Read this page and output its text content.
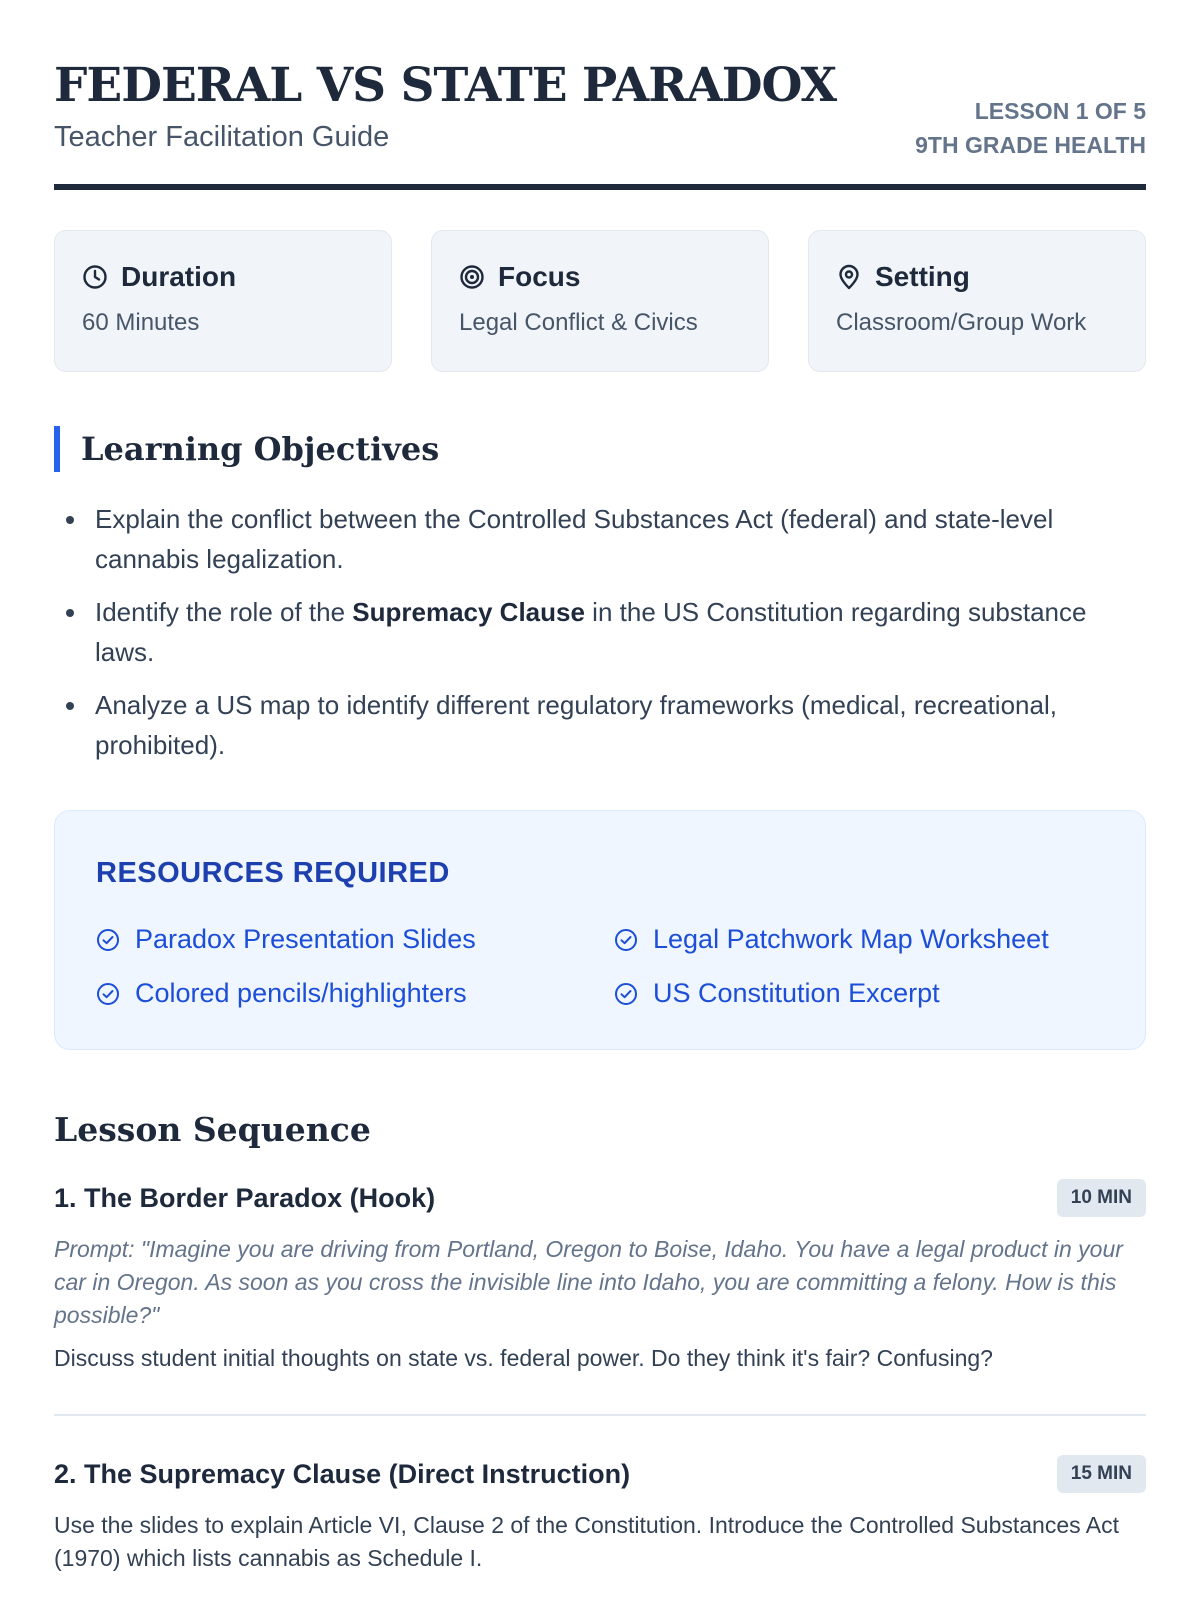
FEDERAL VS STATE PARADOX
Teacher Facilitation Guide
LESSON 1 OF 5
9TH GRADE HEALTH
Duration
60 Minutes
Focus
Legal Conflict & Civics
Setting
Classroom/Group Work
Learning Objectives
Explain the conflict between the Controlled Substances Act (federal) and state-level cannabis legalization.
Identify the role of the Supremacy Clause in the US Constitution regarding substance laws.
Analyze a US map to identify different regulatory frameworks (medical, recreational, prohibited).
RESOURCES REQUIRED
Paradox Presentation Slides	Legal Patchwork Map Worksheet
Colored pencils/highlighters	US Constitution Excerpt
Lesson Sequence
1. The Border Paradox (Hook)	10 MIN
Prompt: "Imagine you are driving from Portland, Oregon to Boise, Idaho. You have a legal product in your car in Oregon. As soon as you cross the invisible line into Idaho, you are committing a felony. How is this possible?"
Discuss student initial thoughts on state vs. federal power. Do they think it's fair? Confusing?
2. The Supremacy Clause (Direct Instruction)	15 MIN
Use the slides to explain Article VI, Clause 2 of the Constitution. Introduce the Controlled Substances Act (1970) which lists cannabis as Schedule I.
